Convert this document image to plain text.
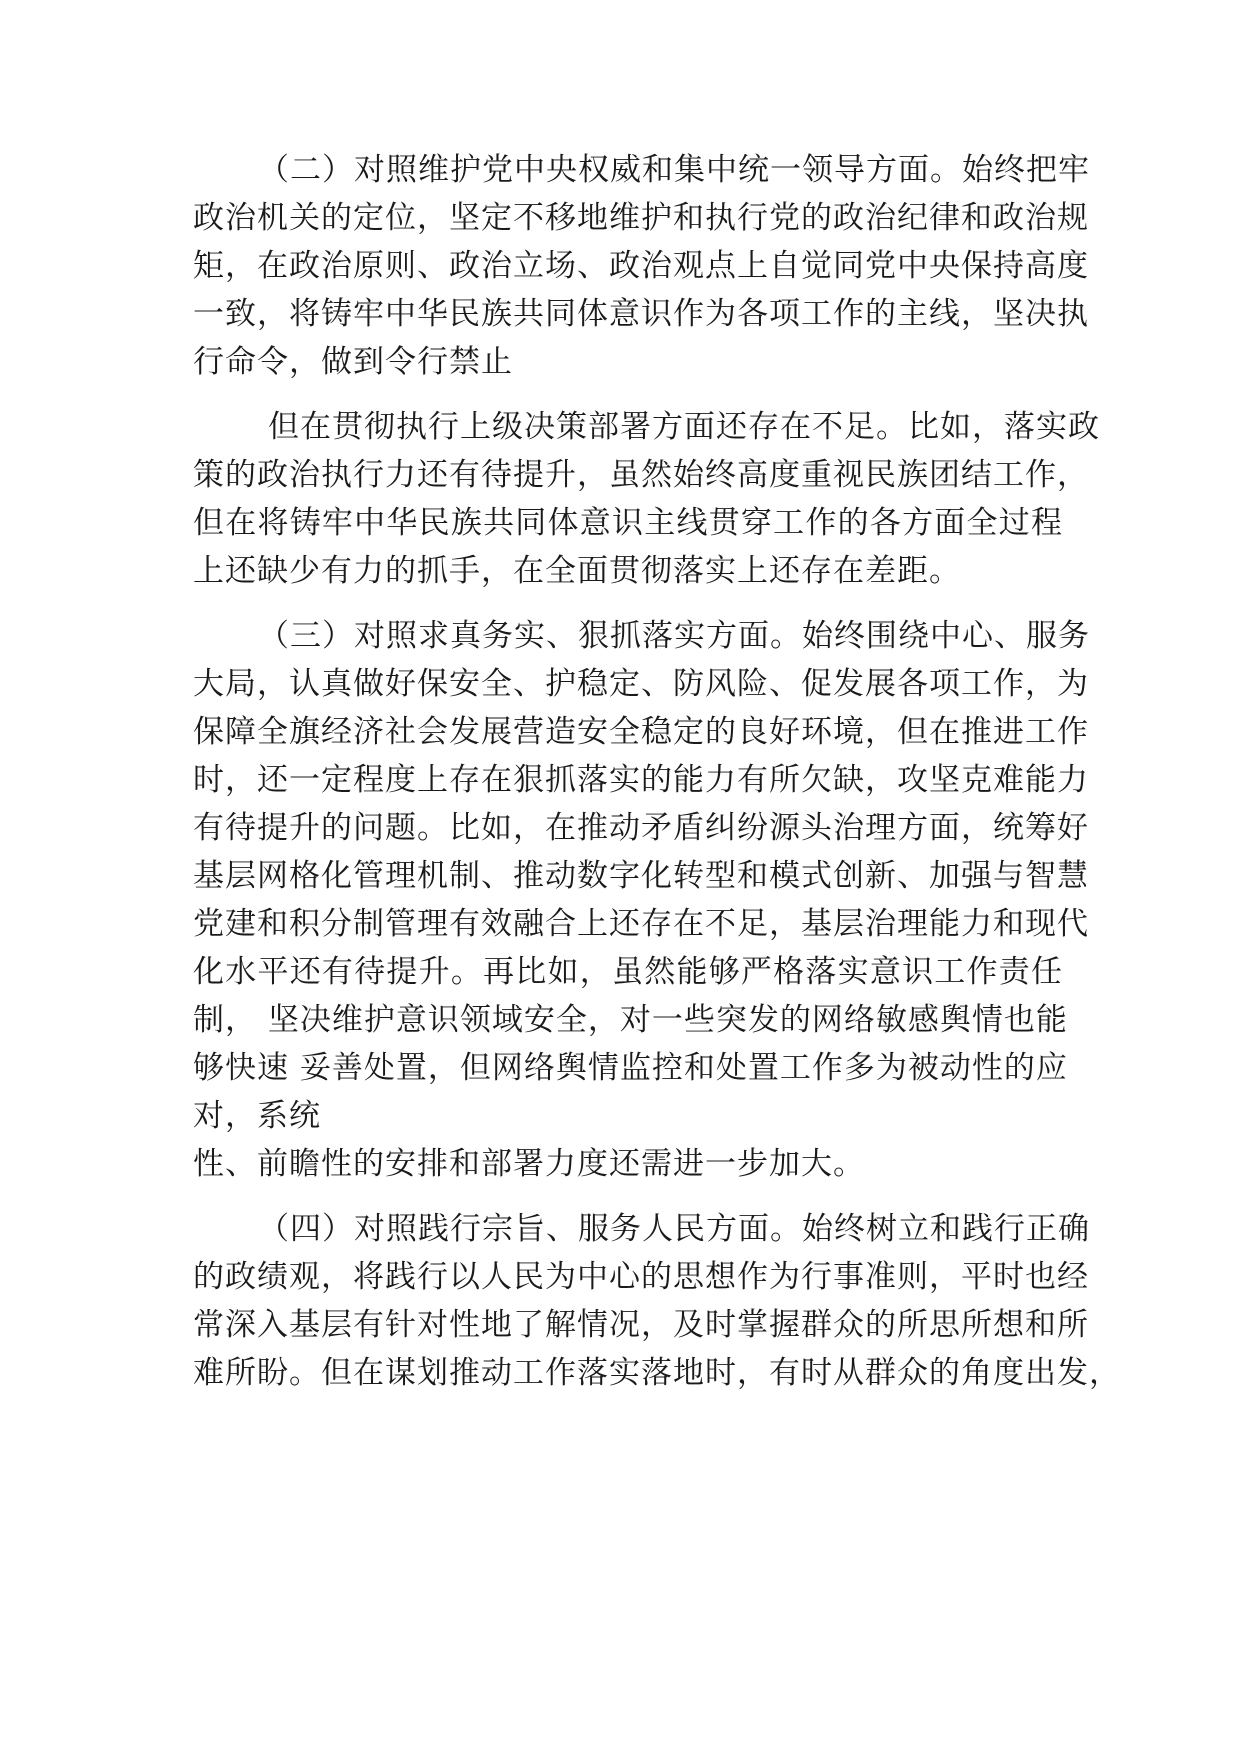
（二）对照维护党中央权威和集中统一领导方面。始终把牢
政治机关的定位，坚定不移地维护和执行党的政治纪律和政治规
矩，在政治原则、政治立场、政治观点上自觉同党中央保持高度
一致，将铸牢中华民族共同体意识作为各项工作的主线，坚决执
行命令，做到令行禁止
但在贯彻执行上级决策部署方面还存在不足。比如，落实政
策的政治执行力还有待提升，虽然始终高度重视民族团结工作，
但在将铸牢中华民族共同体意识主线贯穿工作的各方面全过程
上还缺少有力的抓手，在全面贯彻落实上还存在差距。
（三）对照求真务实、狠抓落实方面。始终围绕中心、服务
大局，认真做好保安全、护稳定、防风险、促发展各项工作，为
保障全旗经济社会发展营造安全稳定的良好环境，但在推进工作
时，还一定程度上存在狠抓落实的能力有所欠缺，攻坚克难能力
有待提升的问题。比如，在推动矛盾纠纷源头治理方面，统筹好
基层网格化管理机制、推动数字化转型和模式创新、加强与智慧
党建和积分制管理有效融合上还存在不足，基层治理能力和现代
化水平还有待提升。再比如，虽然能够严格落实意识工作责任
制， 坚决维护意识领域安全，对一些突发的网络敏感舆情也能
够快速 妥善处置，但网络舆情监控和处置工作多为被动性的应
对，系统
性、前瞻性的安排和部署力度还需进一步加大。
（四）对照践行宗旨、服务人民方面。始终树立和践行正确
的政绩观，将践行以人民为中心的思想作为行事准则，平时也经
常深入基层有针对性地了解情况，及时掌握群众的所思所想和所
难所盼。但在谋划推动工作落实落地时，有时从群众的角度出发，
